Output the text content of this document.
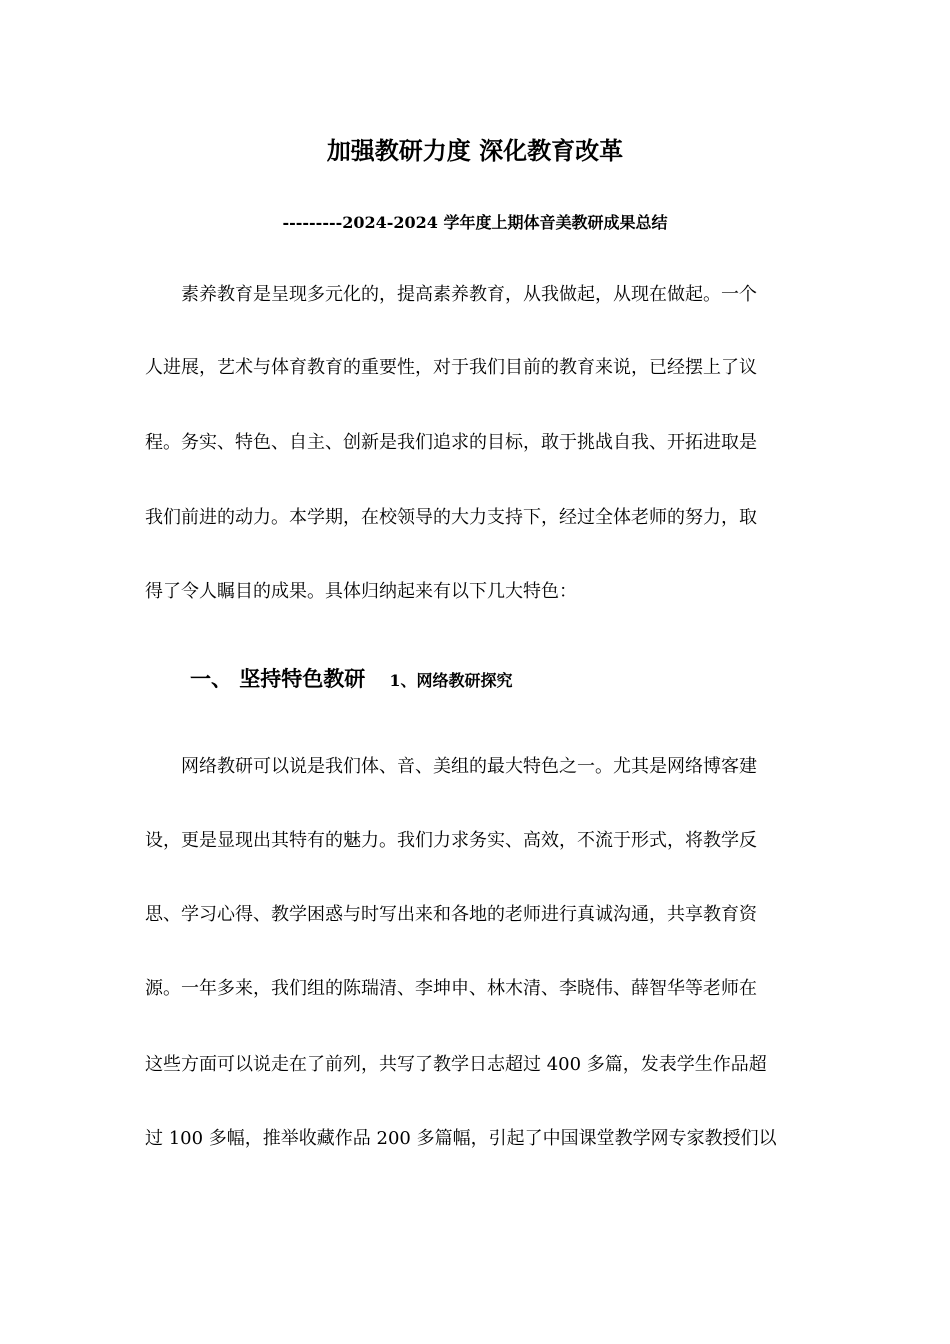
加强教研力度 深化教育改革
---------2024-2024 学年度上期体音美教研成果总结
　　素养教育是呈现多元化的，提高素养教育，从我做起，从现在做起。一个
人进展，艺术与体育教育的重要性，对于我们目前的教育来说，已经摆上了议
程。务实、特色、自主、创新是我们追求的目标，敢于挑战自我、开拓进取是
我们前进的动力。本学期，在校领导的大力支持下，经过全体老师的努力，取
得了令人瞩目的成果。具体归纳起来有以下几大特色：
一、 坚持特色教研 1、网络教研探究
　　网络教研可以说是我们体、音、美组的最大特色之一。尤其是网络博客建
设，更是显现出其特有的魅力。我们力求务实、高效，不流于形式，将教学反
思、学习心得、教学困惑与时写出来和各地的老师进行真诚沟通，共享教育资
源。一年多来，我们组的陈瑞清、李坤申、林木清、李晓伟、薛智华等老师在
这些方面可以说走在了前列，共写了教学日志超过 400 多篇，发表学生作品超
过 100 多幅，推举收藏作品 200 多篇幅，引起了中国课堂教学网专家教授们以
